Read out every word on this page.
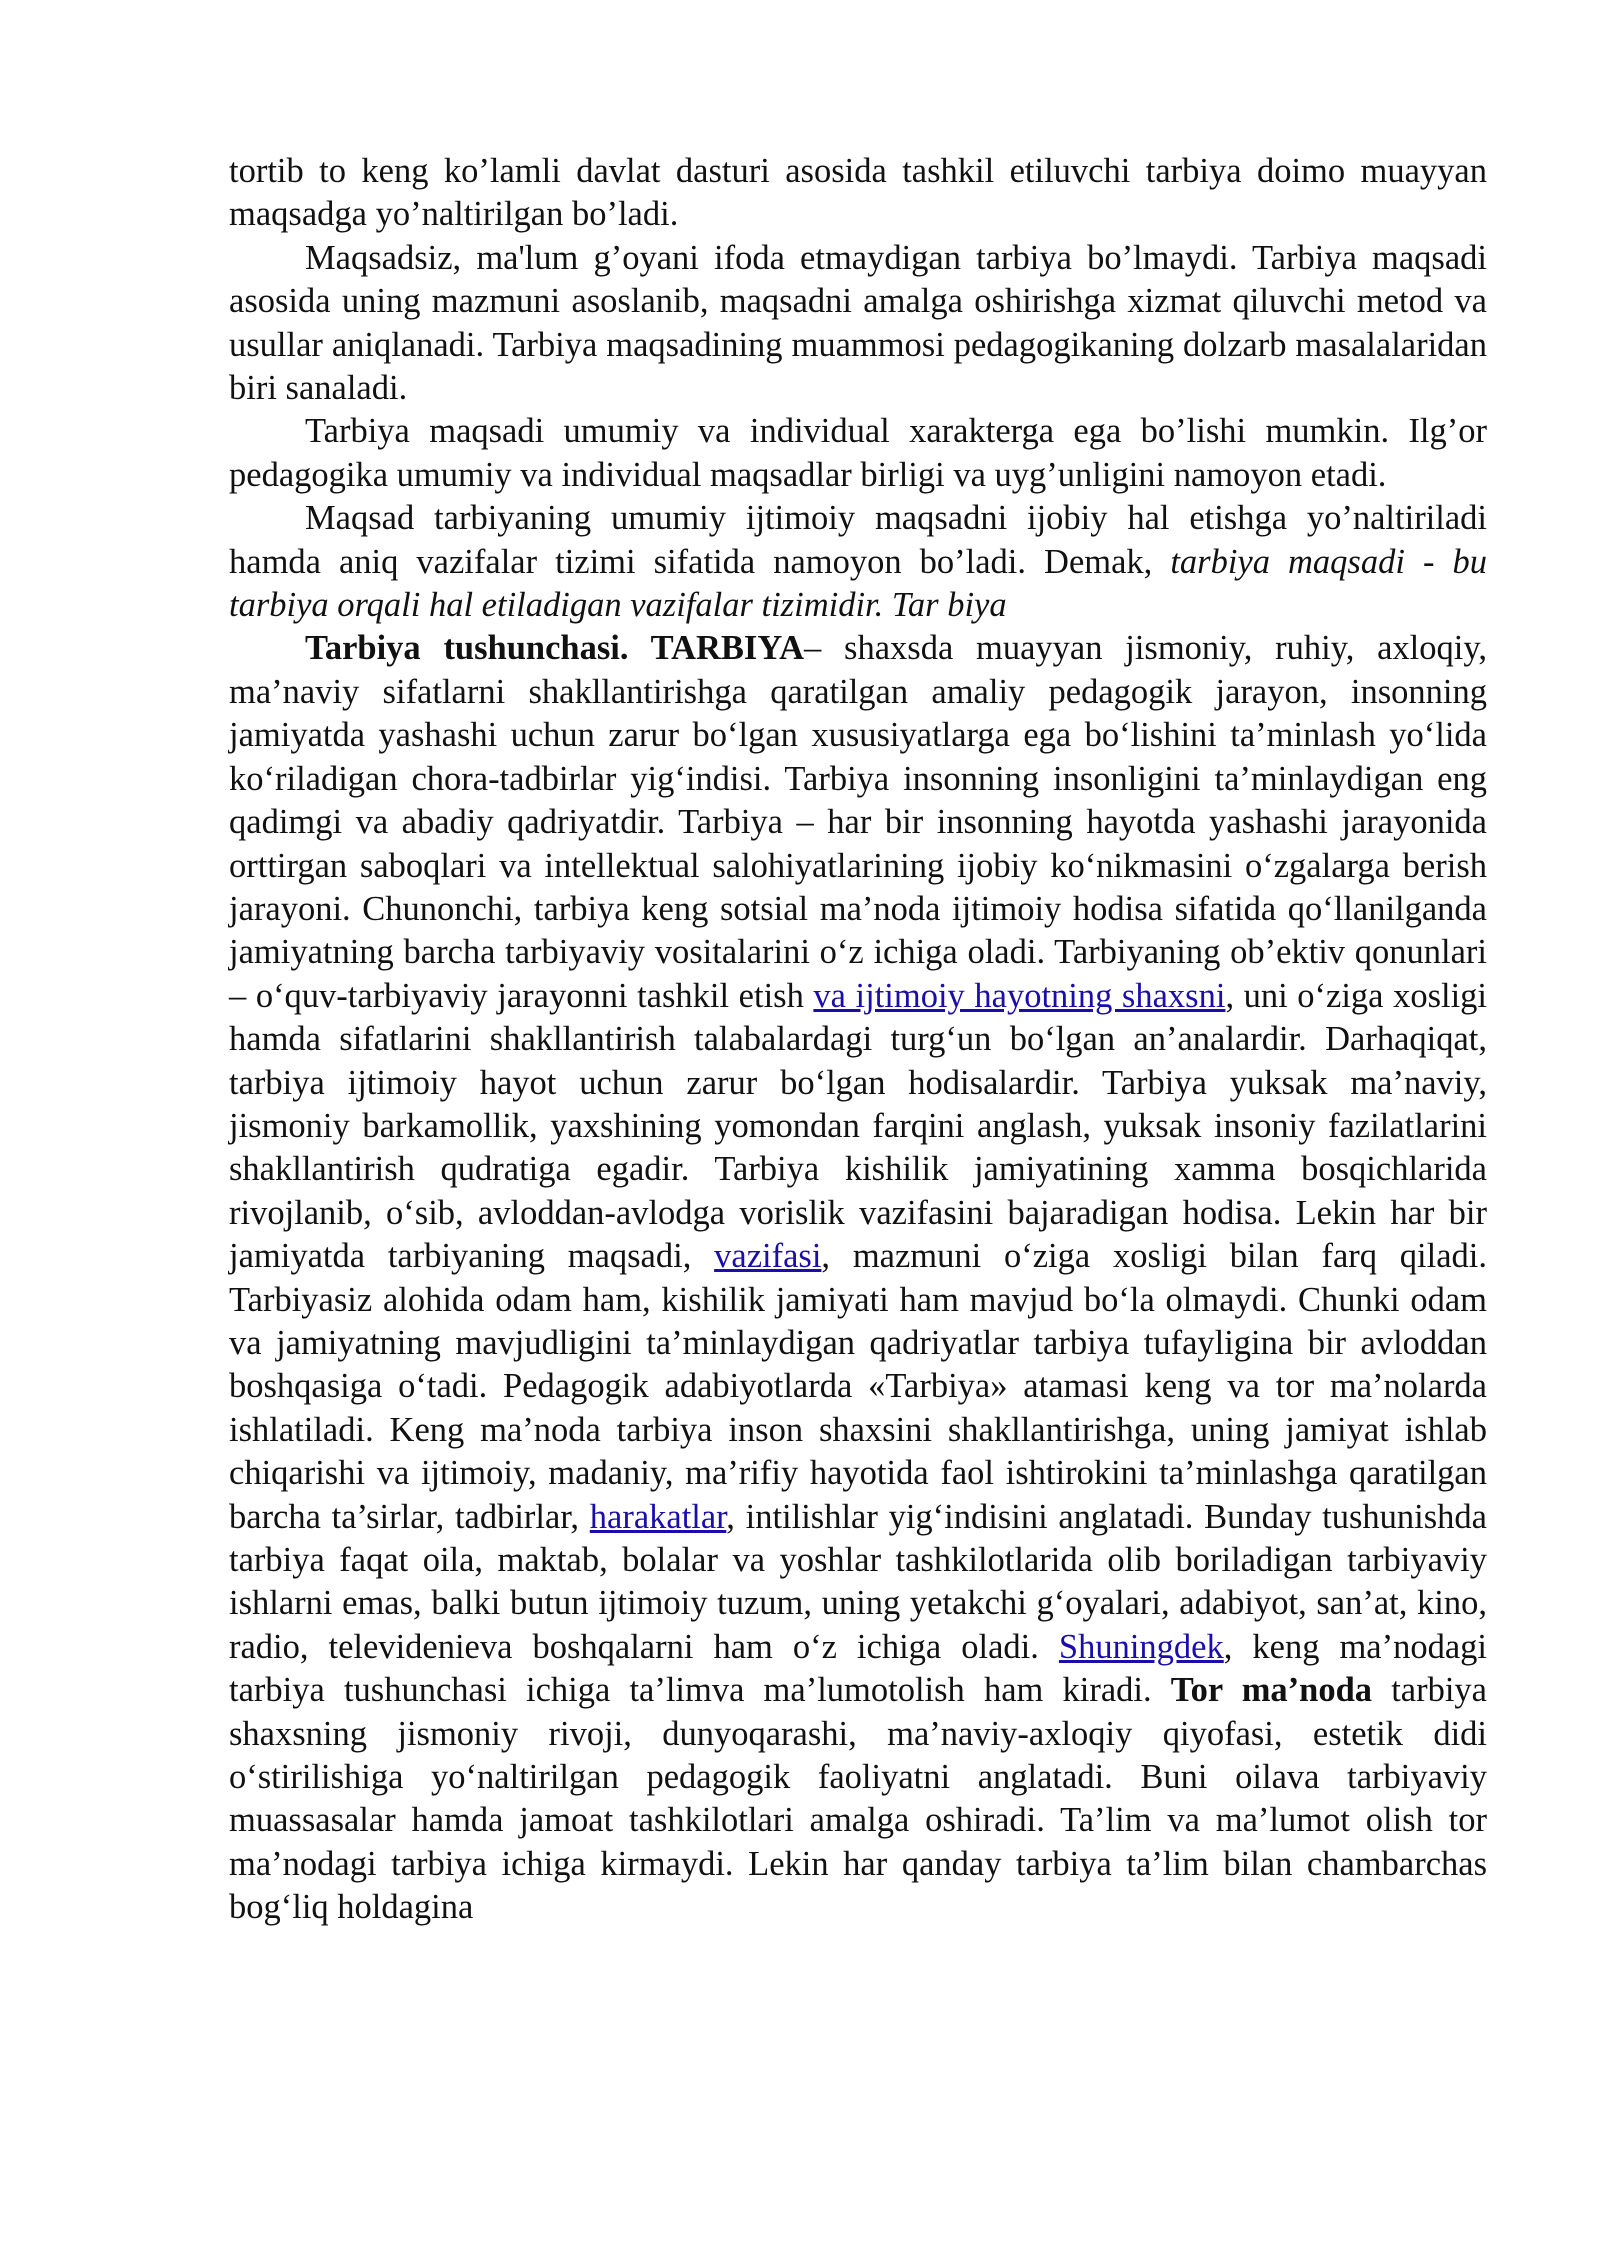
tortib to keng ko’lamli davlat dasturi asosida tashkil etiluvchi tarbiya doimo muayyan maqsadga yo’naltirilgan bo’ladi.

Maqsadsiz, ma'lum g’oyani ifoda etmaydigan tarbiya bo’lmaydi. Tarbiya maqsadi asosida uning mazmuni asoslanib, maqsadni amalga oshirishga xizmat qiluvchi metod va usullar aniqlanadi. Tarbiya maqsadining muammosi pedagogikaning dolzarb masalalaridan biri sanaladi.

Tarbiya maqsadi umumiy va individual xarakterga ega bo’lishi mumkin. Ilg’or pedagogika umumiy va individual maqsadlar birligi va uyg’unligini namoyon etadi.

Maqsad tarbiyaning umumiy ijtimoiy maqsadni ijobiy hal etishga yo’naltiriladi hamda aniq vazifalar tizimi sifatida namoyon bo’ladi. Demak, tarbiya maqsadi - bu tarbiya orqali hal etiladigan vazifalar tizimidir. Tar biya

Tarbiya tushunchasi. TARBIYA– shaxsda muayyan jismoniy, ruhiy, axloqiy, ma’naviy sifatlarni shakllantirishga qaratilgan amaliy pedagogik jarayon, insonning jamiyatda yashashi uchun zarur bo‘lgan xususiyatlarga ega bo‘lishini ta’minlash yo‘lida ko‘riladigan chora-tadbirlar yig‘indisi. Tarbiya insonning insonligini ta’minlaydigan eng qadimgi va abadiy qadriyatdir. Tarbiya – har bir insonning hayotda yashashi jarayonida orttirgan saboqlari va intellektual salohiyatlarining ijobiy ko‘nikmasini o‘zgalarga berish jarayoni. Chunonchi, tarbiya keng sotsial ma’noda ijtimoiy hodisa sifatida qo‘llanilganda jamiyatning barcha tarbiyaviy vositalarini o‘z ichiga oladi. Tarbiyaning ob’ektiv qonunlari – o‘quv-tarbiyaviy jarayonni tashkil etish va ijtimoiy hayotning shaxsni, uni o‘ziga xosligi hamda sifatlarini shakllantirish talabalardagi turg‘un bo‘lgan an’analardir. Darhaqiqat, tarbiya ijtimoiy hayot uchun zarur bo‘lgan hodisalardir. Tarbiya yuksak ma’naviy, jismoniy barkamollik, yaxshining yomondan farqini anglash, yuksak insoniy fazilatlarini shakllantirish qudratiga egadir. Tarbiya kishilik jamiyatining xamma bosqichlarida rivojlanib, o‘sib, avloddan-avlodga vorislik vazifasini bajaradigan hodisa. Lekin har bir jamiyatda tarbiyaning maqsadi, vazifasi, mazmuni o‘ziga xosligi bilan farq qiladi. Tarbiyasiz alohida odam ham, kishilik jamiyati ham mavjud bo‘la olmaydi. Chunki odam va jamiyatning mavjudligini ta’minlaydigan qadriyatlar tarbiya tufayligina bir avloddan boshqasiga o‘tadi. Pedagogik adabiyotlarda «Tarbiya» atamasi keng va tor ma’nolarda ishlatiladi. Keng ma’noda tarbiya inson shaxsini shakllantirishga, uning jamiyat ishlab chiqarishi va ijtimoiy, madaniy, ma’rifiy hayotida faol ishtirokini ta’minlashga qaratilgan barcha ta’sirlar, tadbirlar, harakatlar, intilishlar yig‘indisini anglatadi. Bunday tushunishda tarbiya faqat oila, maktab, bolalar va yoshlar tashkilotlarida olib boriladigan tarbiyaviy ishlarni emas, balki butun ijtimoiy tuzum, uning yetakchi g‘oyalari, adabiyot, san’at, kino, radio, televidenieva boshqalarni ham o‘z ichiga oladi. Shuningdek, keng ma’nodagi tarbiya tushunchasi ichiga ta’limva ma’lumotolish ham kiradi. Tor ma’noda tarbiya shaxsning jismoniy rivoji, dunyoqarashi, ma’naviy-axloqiy qiyofasi, estetik didi o‘stirilishiga yo‘naltirilgan pedagogik faoliyatni anglatadi. Buni oilava tarbiyaviy muassasalar hamda jamoat tashkilotlari amalga oshiradi. Ta’lim va ma’lumot olish tor ma’nodagi tarbiya ichiga kirmaydi. Lekin har qanday tarbiya ta’lim bilan chambarchas bog‘liq holdagina
